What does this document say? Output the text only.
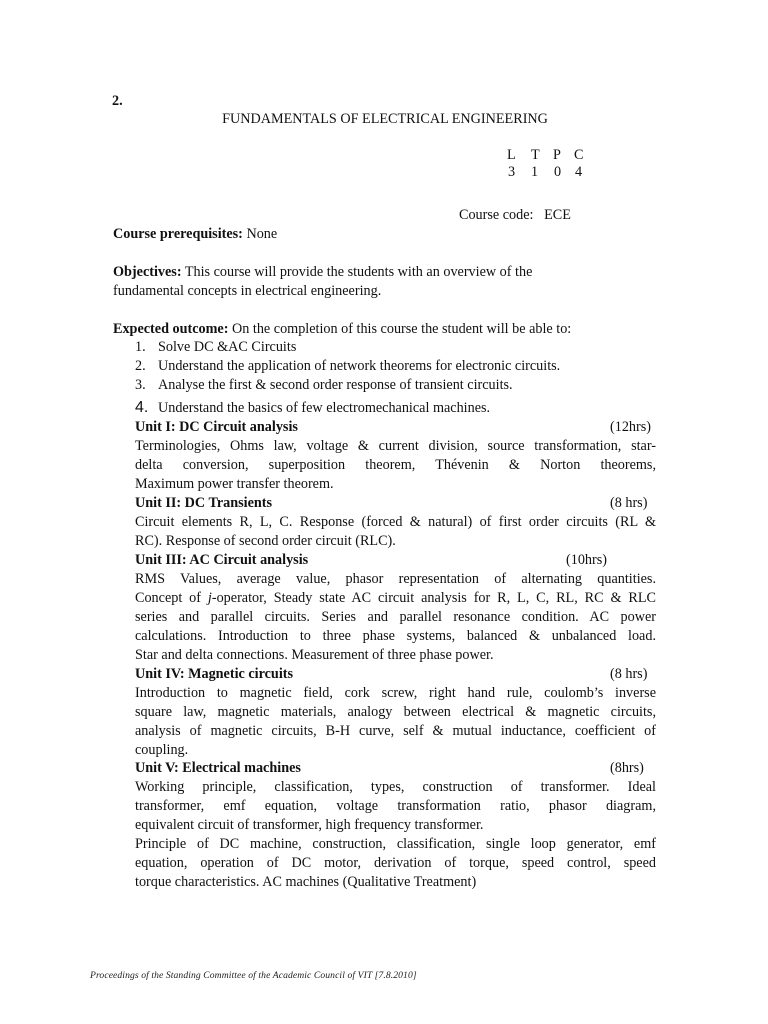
2.
FUNDAMENTALS OF ELECTRICAL ENGINEERING
L T P C
3 1 0 4
Course code: ECE
Course prerequisites: None
Objectives: This course will provide the students with an overview of the
fundamental concepts in electrical engineering.
Expected outcome: On the completion of this course the student will be able to:
1. Solve DC &AC Circuits
2. Understand the application of network theorems for electronic circuits.
3. Analyse the first & second order response of transient circuits.
4. Understand the basics of few electromechanical machines.
Unit I: DC Circuit analysis	(12hrs)
Terminologies, Ohms law, voltage & current division, source transformation, star-
delta conversion, superposition theorem, Thévenin & Norton theorems,
Maximum power transfer theorem.
Unit II: DC Transients	(8 hrs)
Circuit elements R, L, C. Response (forced & natural) of first order circuits (RL &
RC). Response of second order circuit (RLC).
Unit III: AC Circuit analysis	(10hrs)
RMS Values, average value, phasor representation of alternating quantities.
Concept of j-operator, Steady state AC circuit analysis for R, L, C, RL, RC & RLC
series and parallel circuits. Series and parallel resonance condition. AC power
calculations. Introduction to three phase systems, balanced & unbalanced load.
Star and delta connections. Measurement of three phase power.
Unit IV: Magnetic circuits	(8 hrs)
Introduction to magnetic field, cork screw, right hand rule, coulomb’s inverse
square law, magnetic materials, analogy between electrical & magnetic circuits,
analysis of magnetic circuits, B-H curve, self & mutual inductance, coefficient of
coupling.
Unit V: Electrical machines	(8hrs)
Working principle, classification, types, construction of transformer. Ideal
transformer, emf equation, voltage transformation ratio, phasor diagram,
equivalent circuit of transformer, high frequency transformer.
Principle of DC machine, construction, classification, single loop generator, emf
equation, operation of DC motor, derivation of torque, speed control, speed
torque characteristics. AC machines (Qualitative Treatment)
Proceedings of the Standing Committee of the Academic Council of VIT [7.8.2010]
